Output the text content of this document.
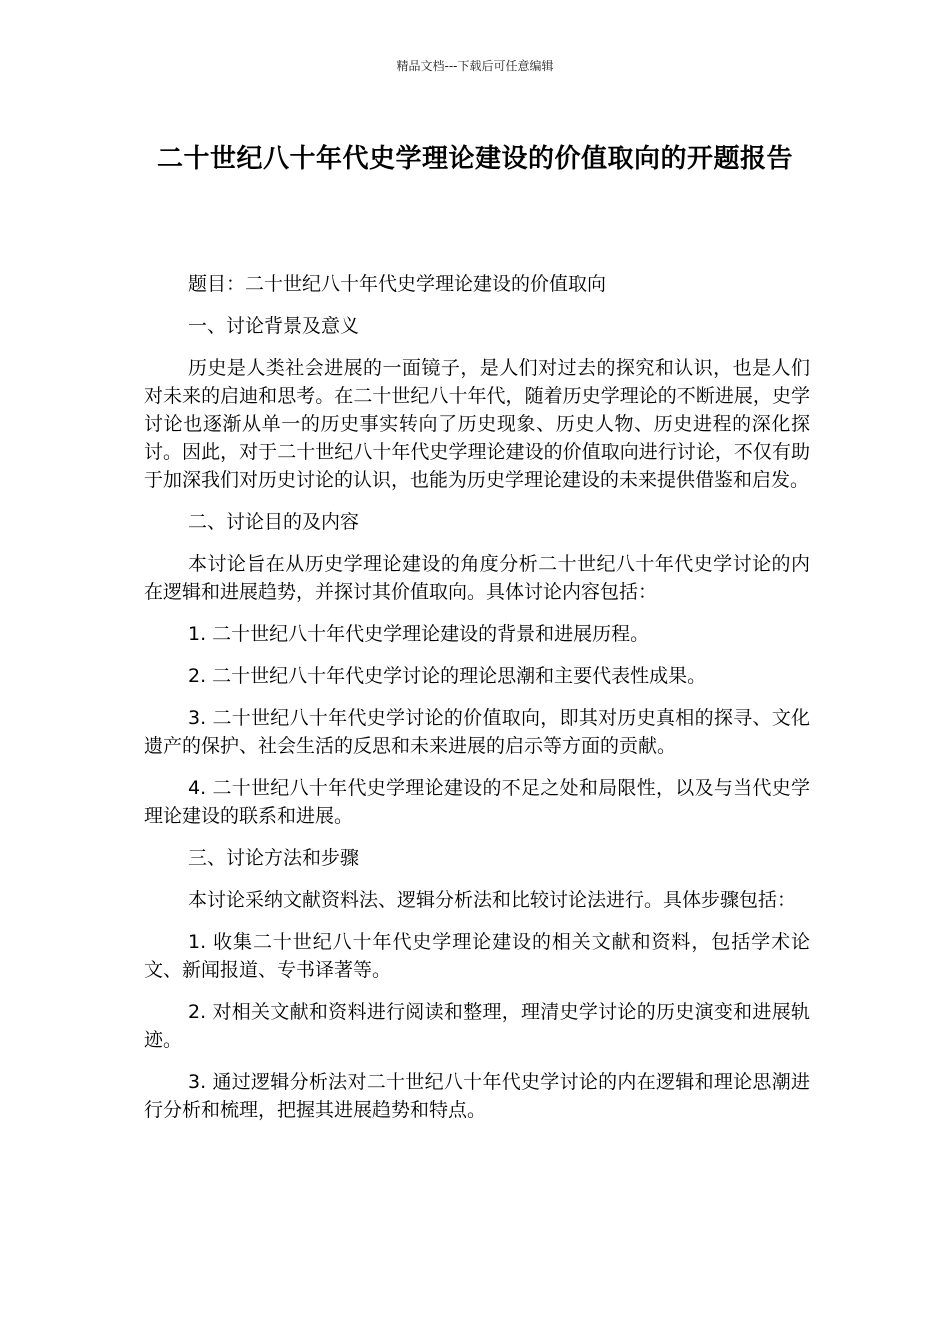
精品文档---下载后可任意编辑
二十世纪八十年代史学理论建设的价值取向的开题报告

题目：二十世纪八十年代史学理论建设的价值取向

一、讨论背景及意义

历史是人类社会进展的一面镜子，是人们对过去的探究和认识，也是人们对未来的启迪和思考。在二十世纪八十年代，随着历史学理论的不断进展，史学讨论也逐渐从单一的历史事实转向了历史现象、历史人物、历史进程的深化探讨。因此，对于二十世纪八十年代史学理论建设的价值取向进行讨论，不仅有助于加深我们对历史讨论的认识，也能为历史学理论建设的未来提供借鉴和启发。

二、讨论目的及内容

本讨论旨在从历史学理论建设的角度分析二十世纪八十年代史学讨论的内在逻辑和进展趋势，并探讨其价值取向。具体讨论内容包括：

1. 二十世纪八十年代史学理论建设的背景和进展历程。

2. 二十世纪八十年代史学讨论的理论思潮和主要代表性成果。

3. 二十世纪八十年代史学讨论的价值取向，即其对历史真相的探寻、文化遗产的保护、社会生活的反思和未来进展的启示等方面的贡献。

4. 二十世纪八十年代史学理论建设的不足之处和局限性，以及与当代史学理论建设的联系和进展。

三、讨论方法和步骤

本讨论采纳文献资料法、逻辑分析法和比较讨论法进行。具体步骤包括：

1. 收集二十世纪八十年代史学理论建设的相关文献和资料，包括学术论文、新闻报道、专书译著等。

2. 对相关文献和资料进行阅读和整理，理清史学讨论的历史演变和进展轨迹。

3. 通过逻辑分析法对二十世纪八十年代史学讨论的内在逻辑和理论思潮进行分析和梳理，把握其进展趋势和特点。
